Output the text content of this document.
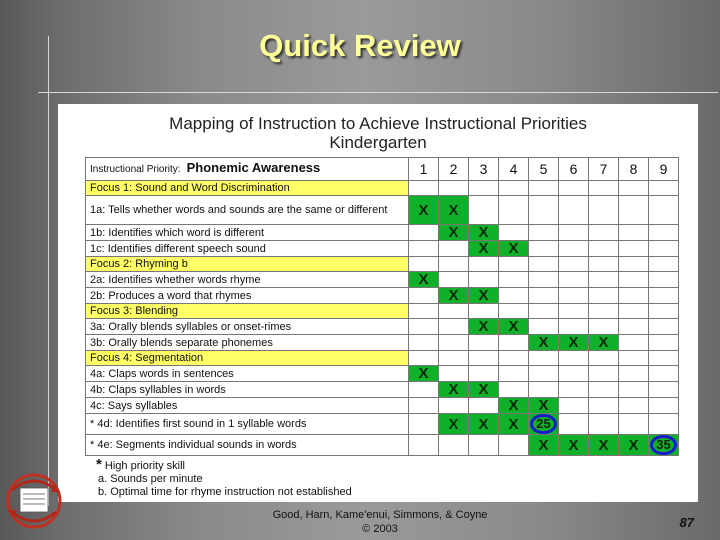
Quick Review
Mapping of Instruction to Achieve Instructional Priorities
Kindergarten
Instructional Priority: Phonemic Awareness	1	2	3	4	5	6	7	8	9
Focus 1: Sound and Word Discrimination									
1a: Tells whether words and sounds are the same or different	X	X							
1b: Identifies which word is different		X	X						
1c: Identifies different speech sound			X	X					
Focus 2: Rhyming b									
2a: Identifies whether words rhyme	X								
2b: Produces a word that rhymes		X	X						
Focus 3: Blending									
3a: Orally blends syllables or onset-rimes			X	X					
3b: Orally blends separate phonemes					X	X	X		
Focus 4: Segmentation									
4a: Claps words in sentences	X								
4b: Claps syllables in words		X	X						
4c: Says syllables				X	X				
* 4d: Identifies first sound in 1 syllable words		X	X	X	25				
* 4e: Segments individual sounds in words					X	X	X	X	35
* High priority skill
a. Sounds per minute
b. Optimal time for rhyme instruction not established
Good, Harn, Kame'enui, Simmons, & Coyne
© 2003	87
